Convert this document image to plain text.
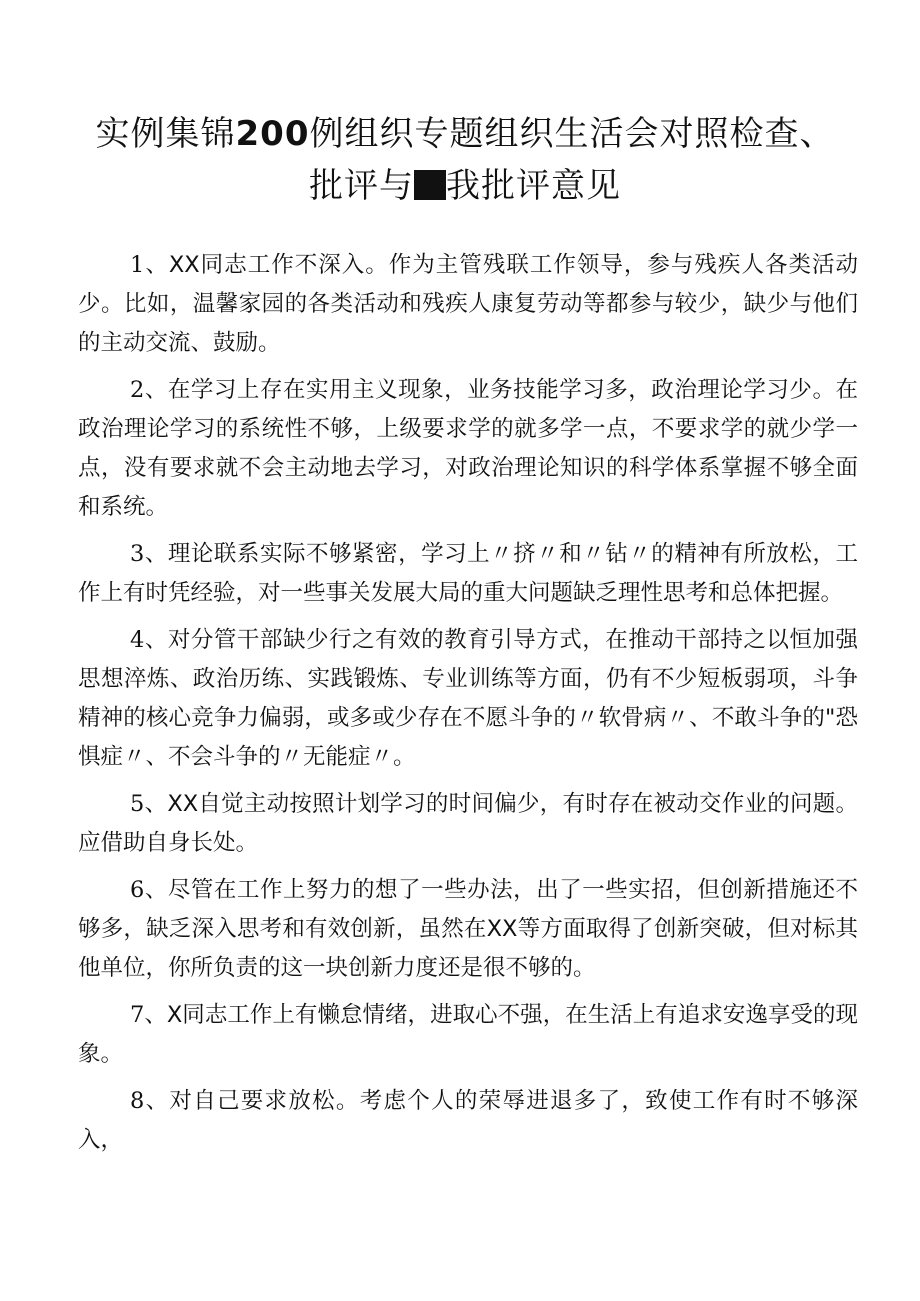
实例集锦200例组织专题组织生活会对照检查、批评与 我批评意见

1、XX同志工作不深入。作为主管残联工作领导，参与残疾人各类活动少。比如，温馨家园的各类活动和残疾人康复劳动等都参与较少，缺少与他们的主动交流、鼓励。

2、在学习上存在实用主义现象，业务技能学习多，政治理论学习少。在政治理论学习的系统性不够，上级要求学的就多学一点，不要求学的就少学一点，没有要求就不会主动地去学习，对政治理论知识的科学体系掌握不够全面和系统。

3、理论联系实际不够紧密，学习上〃挤〃和〃钻〃的精神有所放松，工作上有时凭经验，对一些事关发展大局的重大问题缺乏理性思考和总体把握。

4、对分管干部缺少行之有效的教育引导方式，在推动干部持之以恒加强思想淬炼、政治历练、实践锻炼、专业训练等方面，仍有不少短板弱项，斗争精神的核心竞争力偏弱，或多或少存在不愿斗争的〃软骨病〃、不敢斗争的"恐惧症〃、不会斗争的〃无能症〃。

5、XX自觉主动按照计划学习的时间偏少，有时存在被动交作业的问题。应借助自身长处。

6、尽管在工作上努力的想了一些办法，出了一些实招，但创新措施还不够多，缺乏深入思考和有效创新，虽然在XX等方面取得了创新突破，但对标其他单位，你所负责的这一块创新力度还是很不够的。

7、X同志工作上有懒怠情绪，进取心不强，在生活上有追求安逸享受的现象。

8、对自己要求放松。考虑个人的荣辱进退多了，致使工作有时不够深入，
